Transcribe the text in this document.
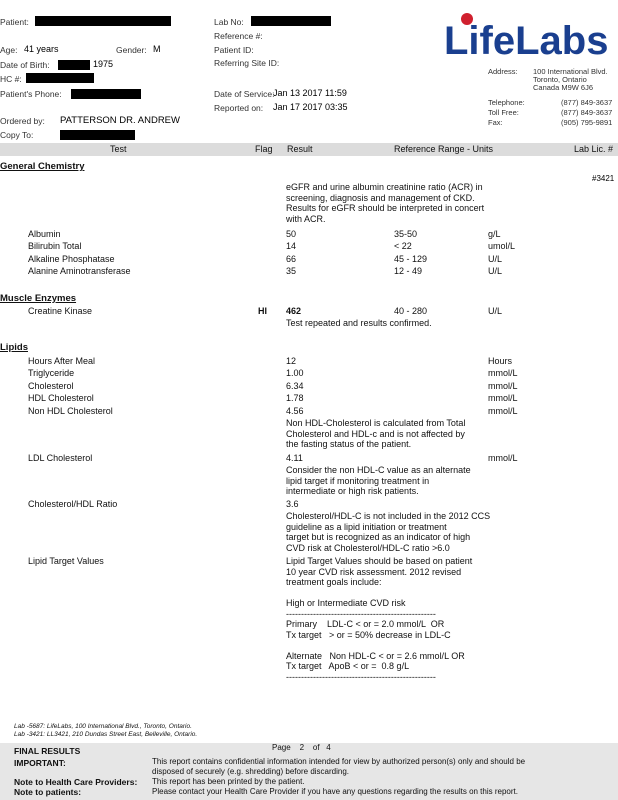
Patient:
Age: 41 years	Gender: M
Date of Birth:	1975
HC #:
Patient's Phone:
Ordered by: PATTERSON DR. ANDREW
Copy To:
Lab No:
Reference #:
Patient ID:
Referring Site ID:
Date of Service:
Jan 13 2017 11:59
Reported on: Jan 17 2017 03:35
LifeLabs
Address: 100 International Blvd.
Toronto, Ontario
Canada M9W 6J6
Telephone:	(877) 849-3637
Toll Free:	(877) 849-3637
Fax:	(905) 795-9891
Test	Flag Result	Reference Range - Units	Lab Lic. #
General Chemistry
#3421
eGFR and urine albumin creatinine ratio (ACR) in
screening, diagnosis and management of CKD.
Results for eGFR should be interpreted in concert
with ACR.
Albumin	50	35-50	g/L
Bilirubin Total	14	< 22	umol/L
Alkaline Phosphatase	66	45 - 129	U/L
Alanine Aminotransferase	35	12 - 49	U/L
Muscle Enzymes
Creatine Kinase	HI 462	40 - 280	U/L
Test repeated and results confirmed.
Lipids
Hours After Meal	12	Hours
Triglyceride	1.00	mmol/L
Cholesterol	6.34	mmol/L
HDL Cholesterol	1.78	mmol/L
Non HDL Cholesterol	4.56	mmol/L
Non HDL-Cholesterol is calculated from Total
Cholesterol and HDL-c and is not affected by
the fasting status of the patient.
LDL Cholesterol	4.11	mmol/L
Consider the non HDL-C value as an alternate
lipid target if monitoring treatment in
intermediate or high risk patients.
Cholesterol/HDL Ratio	3.6
Cholesterol/HDL-C is not included in the 2012 CCS
guideline as a lipid initiation or treatment
target but is recognized as an indicator of high
CVD risk at Cholesterol/HDL-C ratio >6.0
Lipid Target Values	Lipid Target Values should be based on patient
10 year CVD risk assessment. 2012 revised
treatment goals include:

High or Intermediate CVD risk
--------------------------------------------------
Primary    LDL-C < or = 2.0 mmol/L  OR
Tx target   > or = 50% decrease in LDL-C

Alternate   Non HDL-C < or = 2.6 mmol/L OR
Tx target   ApoB < or =  0.8 g/L
--------------------------------------------------
Lab -5687: LifeLabs, 100 International Blvd., Toronto, Ontario.
Lab -3421: LL3421, 210 Dundas Street East, Belleville, Ontario.
FINAL RESULTS	Page    2    of   4
IMPORTANT:	This report contains confidential information intended for view by authorized person(s) only and should be
disposed of securely (e.g. shredding) before discarding.
Note to Health Care Providers: This report has been printed by the patient.
Note to patients:	Please contact your Health Care Provider if you have any questions regarding the results on this report.
